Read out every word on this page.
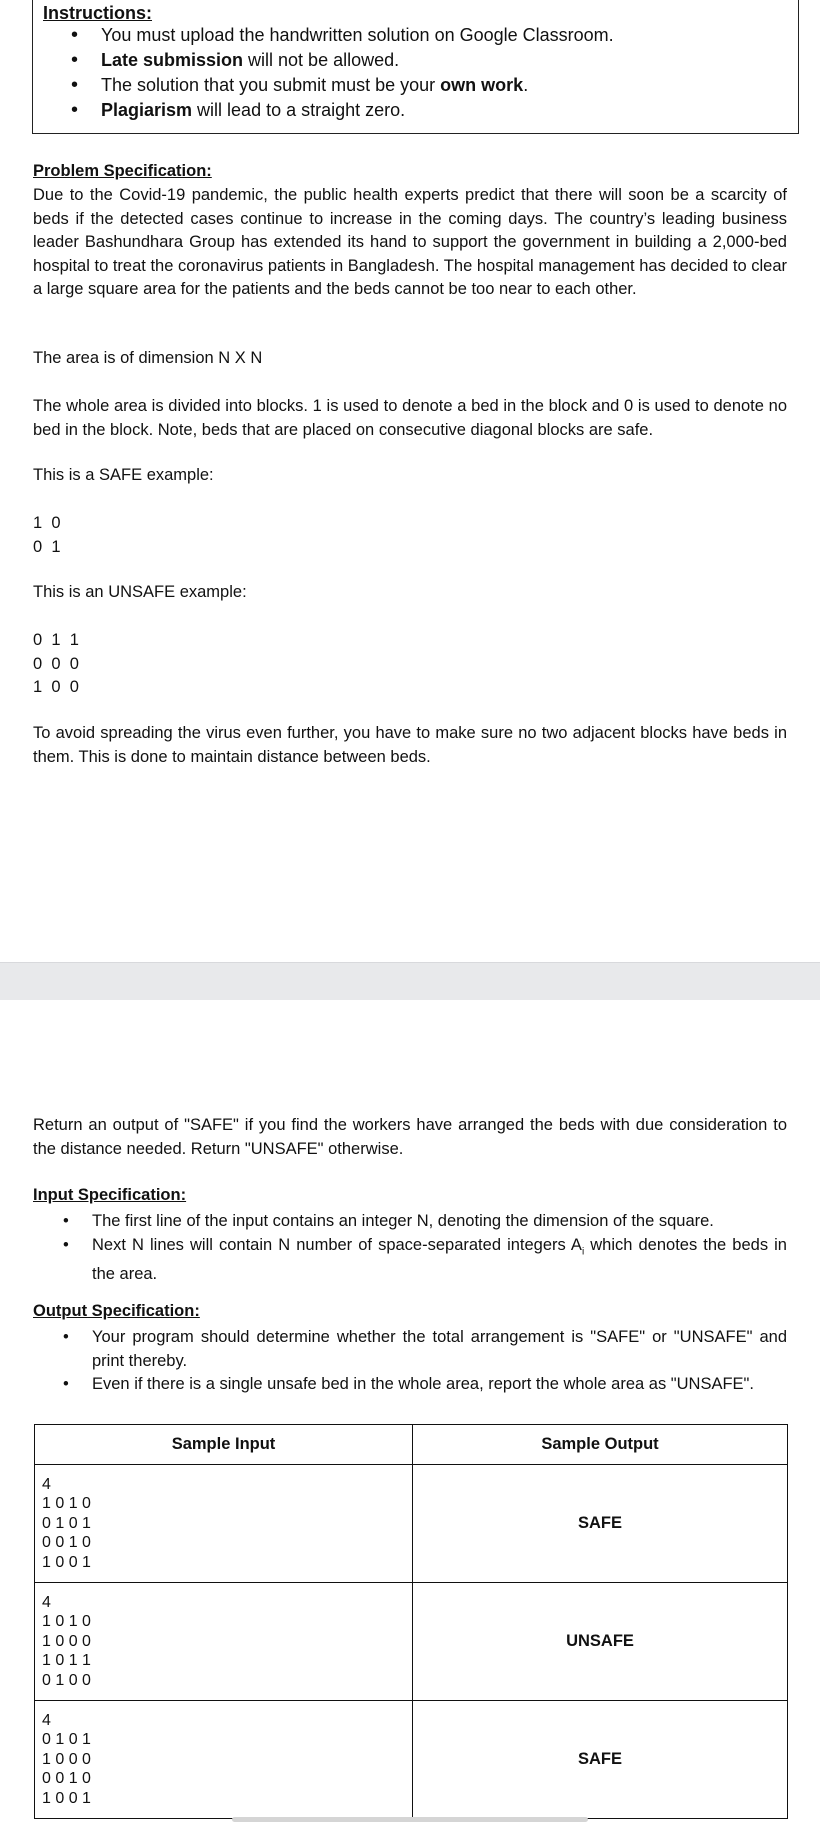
Instructions:
• You must upload the handwritten solution on Google Classroom.
• Late submission will not be allowed.
• The solution that you submit must be your own work.
• Plagiarism will lead to a straight zero.
Problem Specification:

Due to the Covid-19 pandemic, the public health experts predict that there will soon be a scarcity of beds if the detected cases continue to increase in the coming days. The country’s leading business leader Bashundhara Group has extended its hand to support the government in building a 2,000-bed hospital to treat the coronavirus patients in Bangladesh. The hospital management has decided to clear a large square area for the patients and the beds cannot be too near to each other.

The area is of dimension N X N

The whole area is divided into blocks. 1 is used to denote a bed in the block and 0 is used to denote no bed in the block. Note, beds that are placed on consecutive diagonal blocks are safe.

This is a SAFE example:
1  0
0  1
This is an UNSAFE example:
0  1  1
0  0  0
1  0  0

To avoid spreading the virus even further, you have to make sure no two adjacent blocks have beds in them. This is done to maintain distance between beds.

Return an output of "SAFE" if you find the workers have arranged the beds with due consideration to the distance needed. Return "UNSAFE" otherwise.

Input Specification:
• The first line of the input contains an integer N, denoting the dimension of the square.
• Next N lines will contain N number of space-separated integers $A_i$ which denotes the beds in the area.
Output Specification:
• Your program should determine whether the total arrangement is "SAFE" or "UNSAFE" and print thereby.
• Even if there is a single unsafe bed in the whole area, report the whole area as "UNSAFE".
Sample Input	Sample Output
4
1 0 1 0
0 1 0 1
0 0 1 0
1 0 0 1	SAFE
4
1 0 1 0
1 0 0 0
1 0 1 1
0 1 0 0	UNSAFE
4
0 1 0 1
1 0 0 0
0 0 1 0
1 0 0 1	SAFE
